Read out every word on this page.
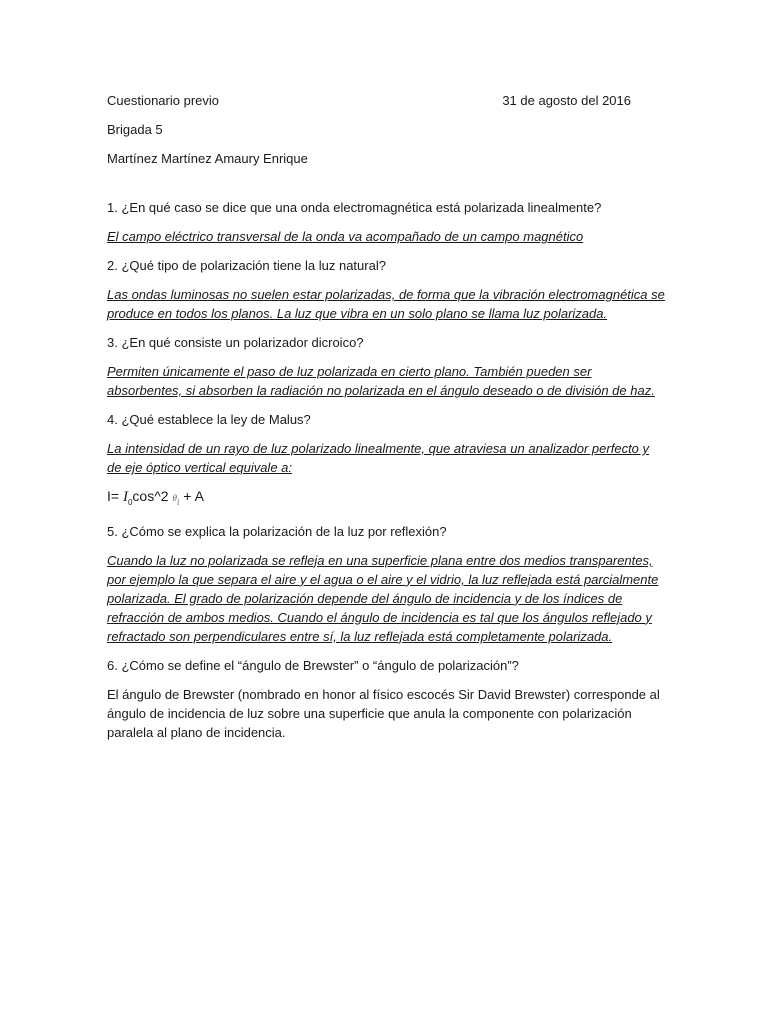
Cuestionario previo	31 de agosto del 2016
Brigada 5
Martínez Martínez Amaury Enrique
1. ¿En qué caso se dice que una onda electromagnética está polarizada linealmente?
El campo eléctrico transversal de la onda va acompañado de un campo magnético
2. ¿Qué tipo de polarización tiene la luz natural?
Las ondas luminosas no suelen estar polarizadas, de forma que la vibración electromagnética se produce en todos los planos. La luz que vibra en un solo plano se llama luz polarizada.
3. ¿En qué consiste un polarizador dicroico?
Permiten únicamente el paso de luz polarizada en cierto plano. También pueden ser absorbentes, si absorben la radiación no polarizada en el ángulo deseado o de división de haz.
4. ¿Qué establece la ley de Malus?
La intensidad de un rayo de luz polarizado linealmente, que atraviesa un analizador perfecto y de eje óptico vertical equivale a:
$I= I_0\cos\^{}2$ $\theta_i + A$
5. ¿Cómo se explica la polarización de la luz por reflexión?
Cuando la luz no polarizada se refleja en una superficie plana entre dos medios transparentes, por ejemplo la que separa el aire y el agua o el aire y el vidrio, la luz reflejada está parcialmente polarizada. El grado de polarización depende del ángulo de incidencia y de los índices de refracción de ambos medios. Cuando el ángulo de incidencia es tal que los ángulos reflejado y refractado son perpendiculares entre sí, la luz reflejada está completamente polarizada.
6. ¿Cómo se define el “ángulo de Brewster” o “ángulo de polarización”?
El ángulo de Brewster (nombrado en honor al físico escocés Sir David Brewster) corresponde al ángulo de incidencia de luz sobre una superficie que anula la componente con polarización paralela al plano de incidencia.
